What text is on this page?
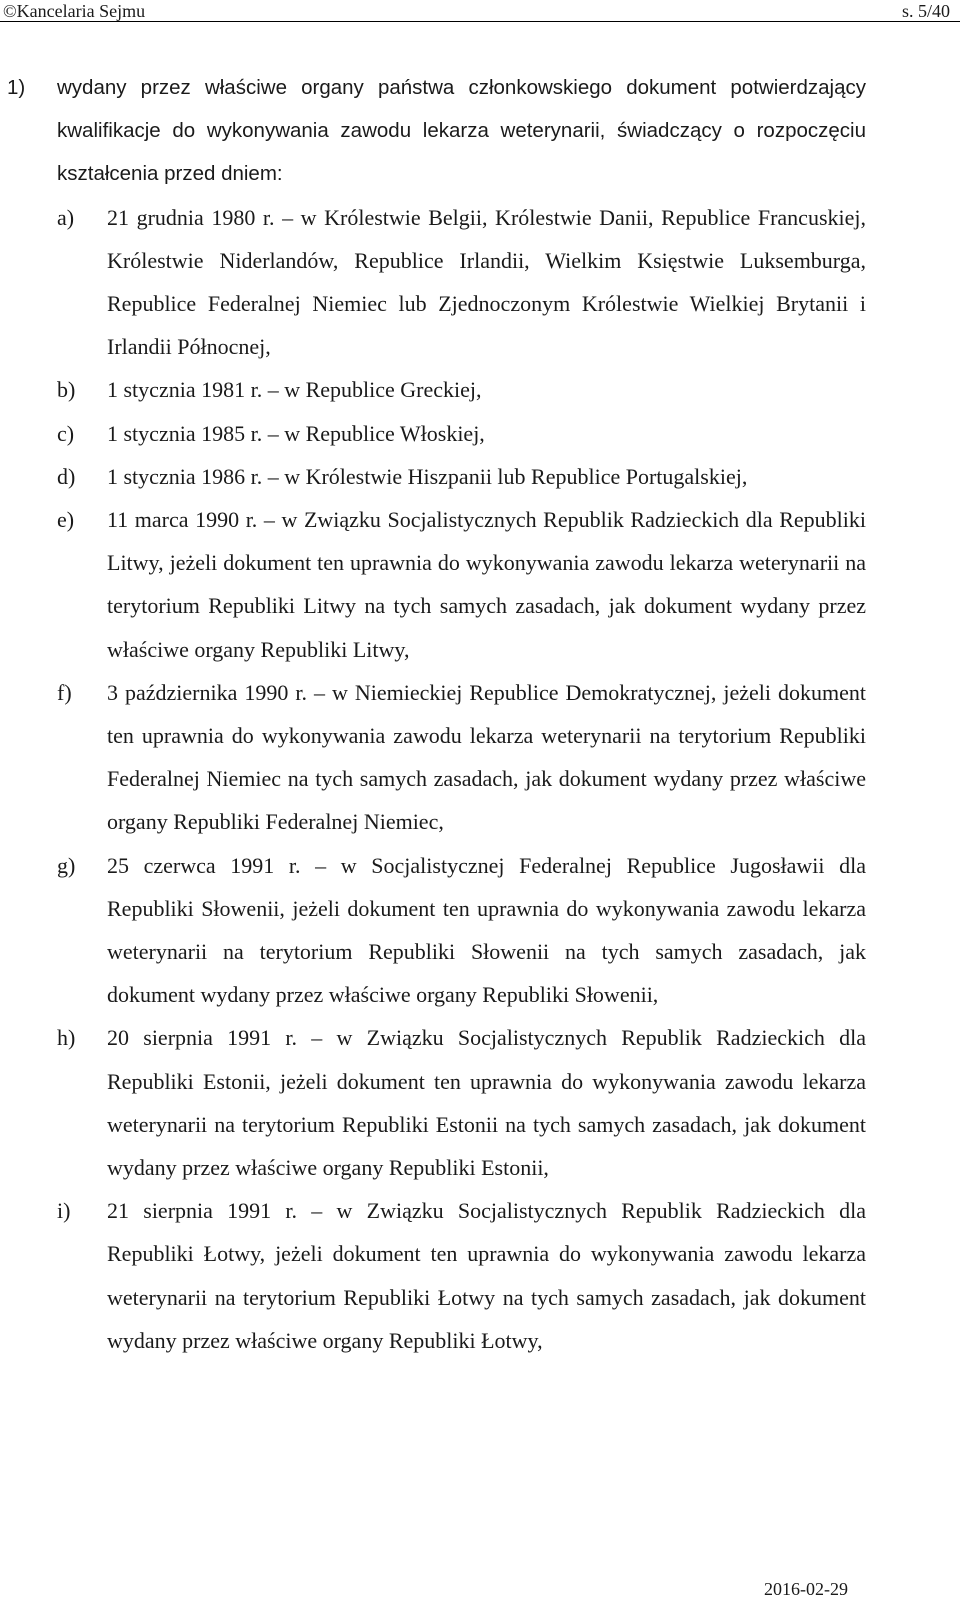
©Kancelaria Sejmu	s. 5/40
1) wydany przez właściwe organy państwa członkowskiego dokument potwierdzający kwalifikacje do wykonywania zawodu lekarza weterynarii, świadczący o rozpoczęciu kształcenia przed dniem:
a) 21 grudnia 1980 r. – w Królestwie Belgii, Królestwie Danii, Republice Francuskiej, Królestwie Niderlandów, Republice Irlandii, Wielkim Księstwie Luksemburga, Republice Federalnej Niemiec lub Zjednoczonym Królestwie Wielkiej Brytanii i Irlandii Północnej,
b) 1 stycznia 1981 r. – w Republice Greckiej,
c) 1 stycznia 1985 r. – w Republice Włoskiej,
d) 1 stycznia 1986 r. – w Królestwie Hiszpanii lub Republice Portugalskiej,
e) 11 marca 1990 r. – w Związku Socjalistycznych Republik Radzieckich dla Republiki Litwy, jeżeli dokument ten uprawnia do wykonywania zawodu lekarza weterynarii na terytorium Republiki Litwy na tych samych zasadach, jak dokument wydany przez właściwe organy Republiki Litwy,
f) 3 października 1990 r. – w Niemieckiej Republice Demokratycznej, jeżeli dokument ten uprawnia do wykonywania zawodu lekarza weterynarii na terytorium Republiki Federalnej Niemiec na tych samych zasadach, jak dokument wydany przez właściwe organy Republiki Federalnej Niemiec,
g) 25 czerwca 1991 r. – w Socjalistycznej Federalnej Republice Jugosławii dla Republiki Słowenii, jeżeli dokument ten uprawnia do wykonywania zawodu lekarza weterynarii na terytorium Republiki Słowenii na tych samych zasadach, jak dokument wydany przez właściwe organy Republiki Słowenii,
h) 20 sierpnia 1991 r. – w Związku Socjalistycznych Republik Radzieckich dla Republiki Estonii, jeżeli dokument ten uprawnia do wykonywania zawodu lekarza weterynarii na terytorium Republiki Estonii na tych samych zasadach, jak dokument wydany przez właściwe organy Republiki Estonii,
i) 21 sierpnia 1991 r. – w Związku Socjalistycznych Republik Radzieckich dla Republiki Łotwy, jeżeli dokument ten uprawnia do wykonywania zawodu lekarza weterynarii na terytorium Republiki Łotwy na tych samych zasadach, jak dokument wydany przez właściwe organy Republiki Łotwy,
2016-02-29
